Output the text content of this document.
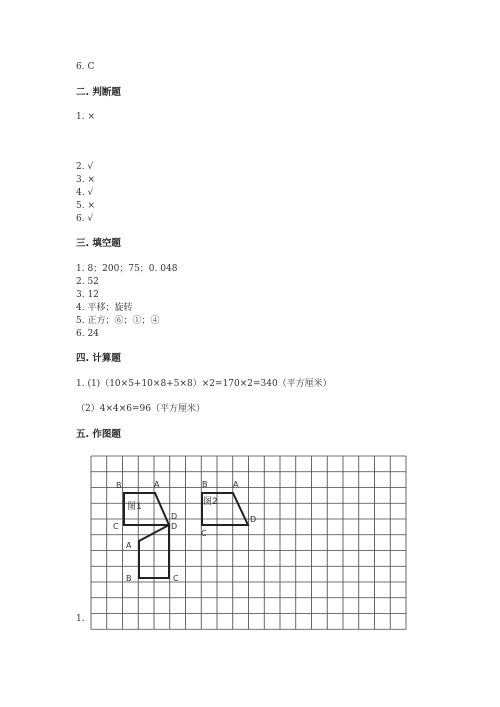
6. C
二. 判断题
1. ×
2. √
3. ×
4. √
5. ×
6. √
三. 填空题
1. 8；200；75；0. 048
2. 52
3. 12
4. 平移；旋转
5. 正方；⑥；①；④
6. 24
四. 计算题
1. (1)（10×5+10×8+5×8）×2=170×2=340（平方厘米）
（2）4×4×6=96（平方厘米）
五. 作图题
B	A
图1
D
C	D
A
B	C
B	A
图2
D
C
1.
